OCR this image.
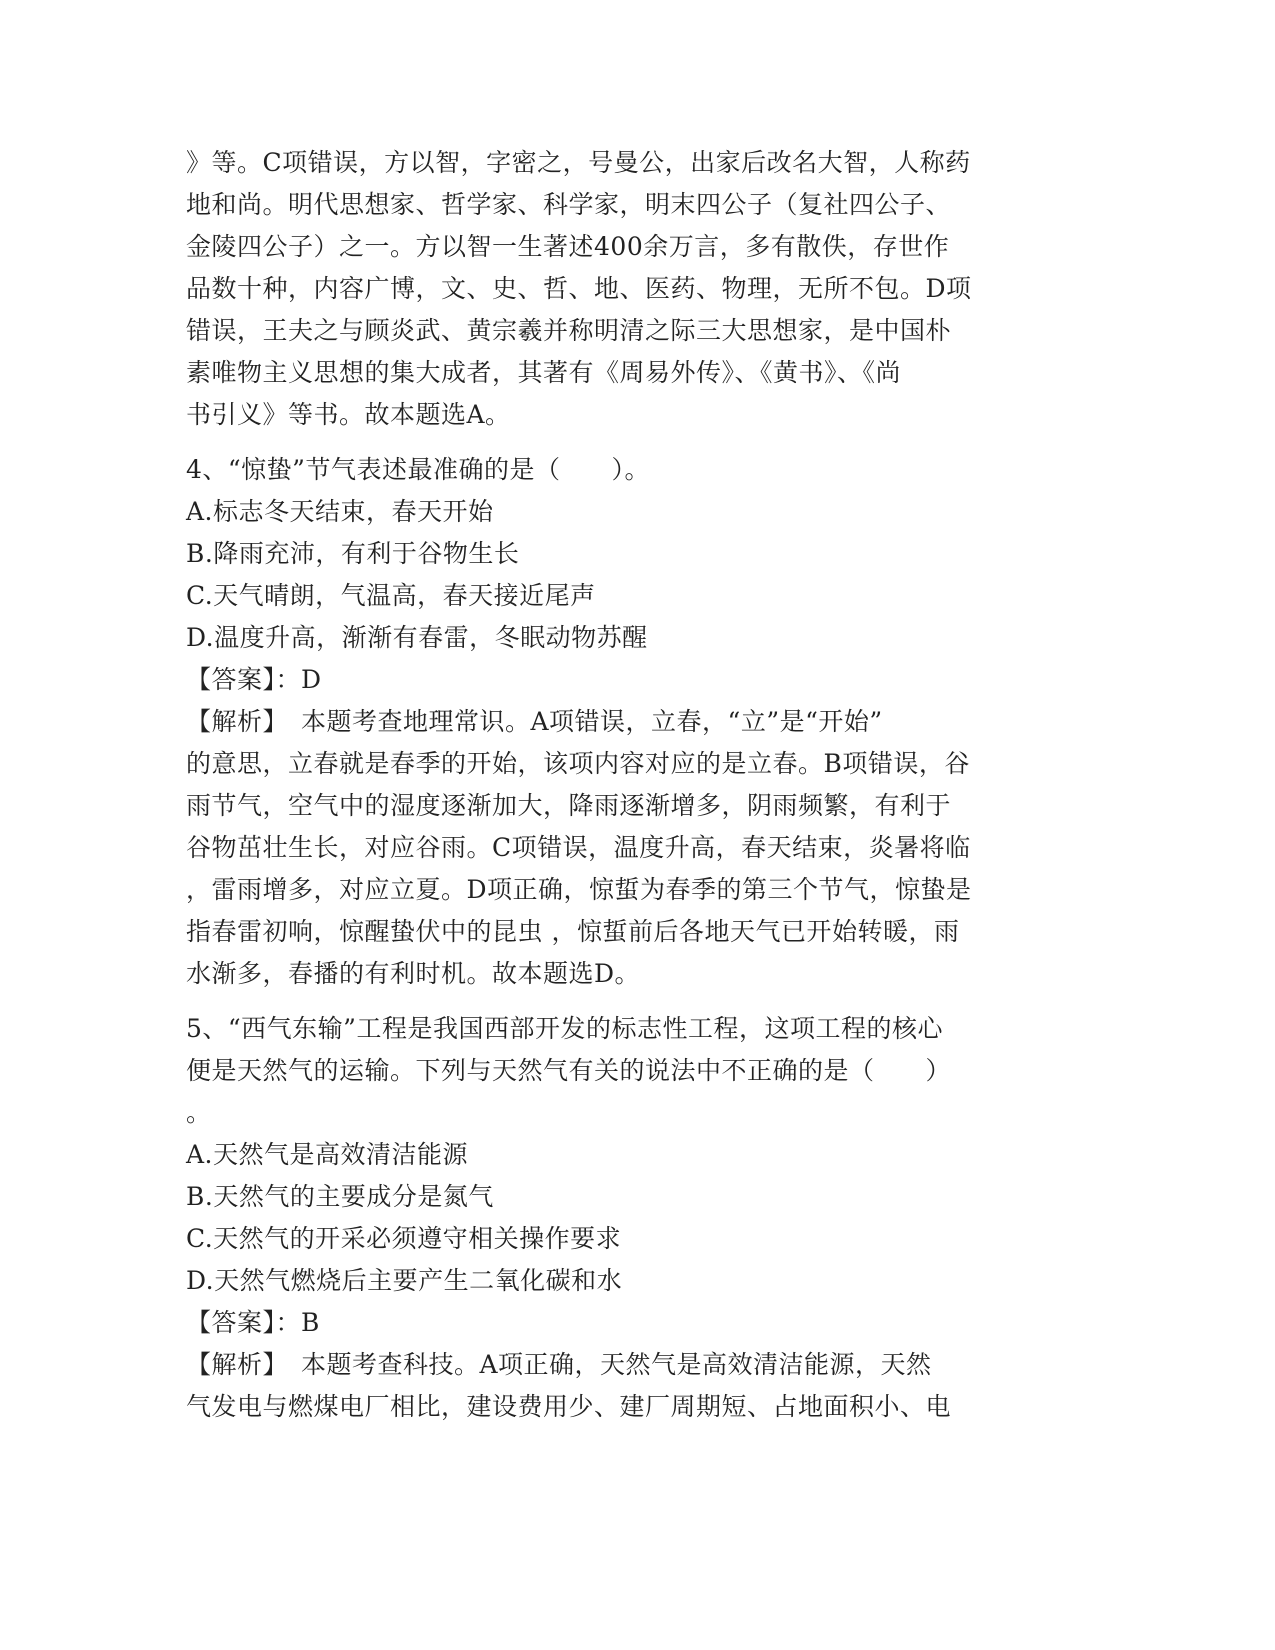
》等。C项错误，方以智，字密之，号曼公，出家后改名大智，人称药
地和尚。明代思想家、哲学家、科学家，明末四公子（复社四公子、
金陵四公子）之一。方以智一生著述400余万言，多有散佚，存世作
品数十种，内容广博，文、史、哲、地、医药、物理，无所不包。D项
错误，王夫之与顾炎武、黄宗羲并称明清之际三大思想家，是中国朴
素唯物主义思想的集大成者，其著有《周易外传》、《黄书》、《尚
书引义》等书。故本题选A。
4、“惊蛰”节气表述最准确的是（　　）。
A.标志冬天结束，春天开始
B.降雨充沛，有利于谷物生长
C.天气晴朗，气温高，春天接近尾声
D.温度升高，渐渐有春雷，冬眠动物苏醒
【答案】：D
【解析】　本题考查地理常识。A项错误，立春，“立”是“开始”
的意思，立春就是春季的开始，该项内容对应的是立春。B项错误，谷
雨节气，空气中的湿度逐渐加大，降雨逐渐增多，阴雨频繁，有利于
谷物茁壮生长，对应谷雨。C项错误，温度升高，春天结束，炎暑将临
，雷雨增多，对应立夏。D项正确，惊蜇为春季的第三个节气，惊蛰是
指春雷初响，惊醒蛰伏中的昆虫 ，惊蜇前后各地天气已开始转暖，雨
水渐多，春播的有利时机。故本题选D。
5、“西气东输”工程是我国西部开发的标志性工程，这项工程的核心
便是天然气的运输。下列与天然气有关的说法中不正确的是（　　）
。
A.天然气是高效清洁能源
B.天然气的主要成分是氮气
C.天然气的开采必须遵守相关操作要求
D.天然气燃烧后主要产生二氧化碳和水
【答案】：B
【解析】　本题考查科技。A项正确，天然气是高效清洁能源，天然
气发电与燃煤电厂相比，建设费用少、建厂周期短、占地面积小、电
